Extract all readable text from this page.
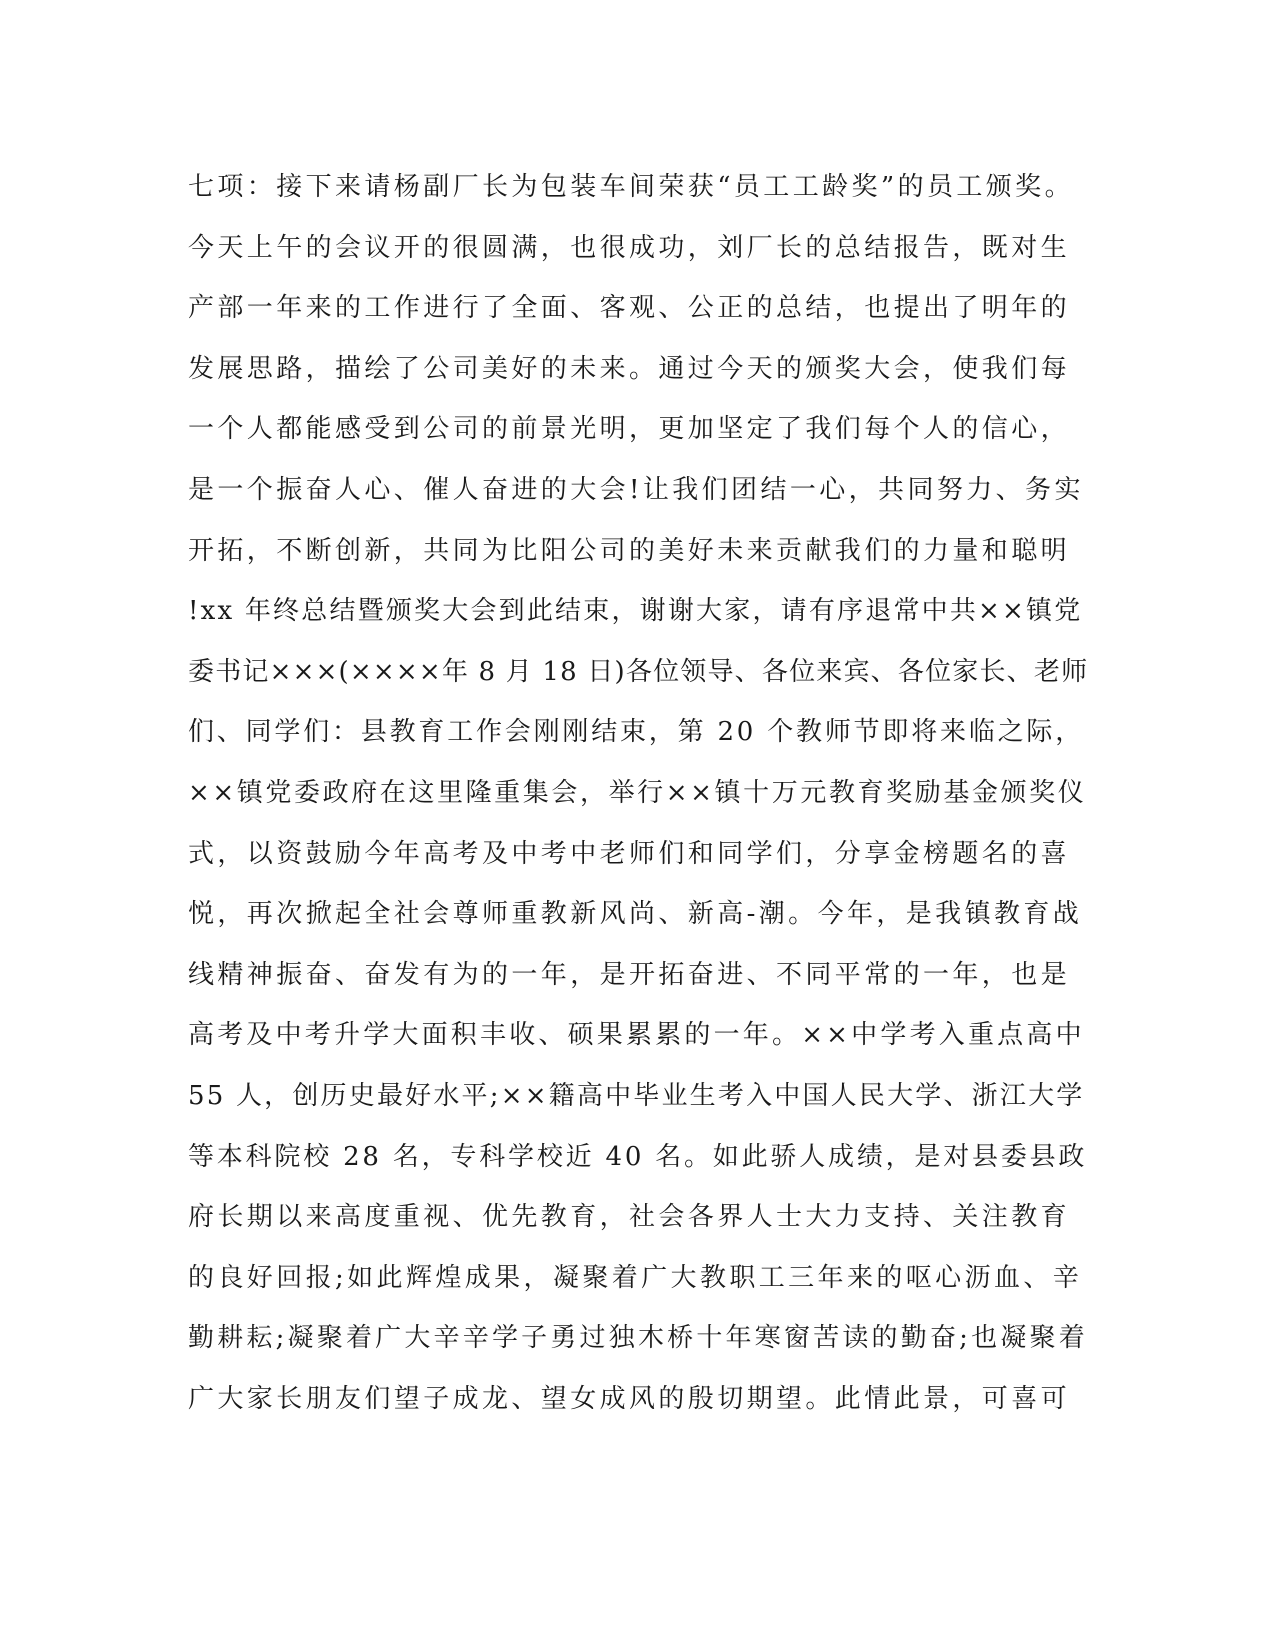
七项：接下来请杨副厂长为包装车间荣获“员工工龄奖”的员工颁奖。
今天上午的会议开的很圆满，也很成功，刘厂长的总结报告，既对生
产部一年来的工作进行了全面、客观、公正的总结，也提出了明年的
发展思路，描绘了公司美好的未来。通过今天的颁奖大会，使我们每
一个人都能感受到公司的前景光明，更加坚定了我们每个人的信心，
是一个振奋人心、催人奋进的大会!让我们团结一心，共同努力、务实
开拓，不断创新，共同为比阳公司的美好未来贡献我们的力量和聪明
!xx 年终总结暨颁奖大会到此结束，谢谢大家，请有序退常中共××镇党
委书记×××(××××年 8 月 18 日)各位领导、各位来宾、各位家长、老师
们、同学们：县教育工作会刚刚结束，第 20 个教师节即将来临之际，
××镇党委政府在这里隆重集会，举行××镇十万元教育奖励基金颁奖仪
式，以资鼓励今年高考及中考中老师们和同学们，分享金榜题名的喜
悦，再次掀起全社会尊师重教新风尚、新高-潮。今年，是我镇教育战
线精神振奋、奋发有为的一年，是开拓奋进、不同平常的一年，也是
高考及中考升学大面积丰收、硕果累累的一年。××中学考入重点高中
55 人，创历史最好水平;××籍高中毕业生考入中国人民大学、浙江大学
等本科院校 28 名，专科学校近 40 名。如此骄人成绩，是对县委县政
府长期以来高度重视、优先教育，社会各界人士大力支持、关注教育
的良好回报;如此辉煌成果，凝聚着广大教职工三年来的呕心沥血、辛
勤耕耘;凝聚着广大辛辛学子勇过独木桥十年寒窗苦读的勤奋;也凝聚着
广大家长朋友们望子成龙、望女成风的殷切期望。此情此景，可喜可
